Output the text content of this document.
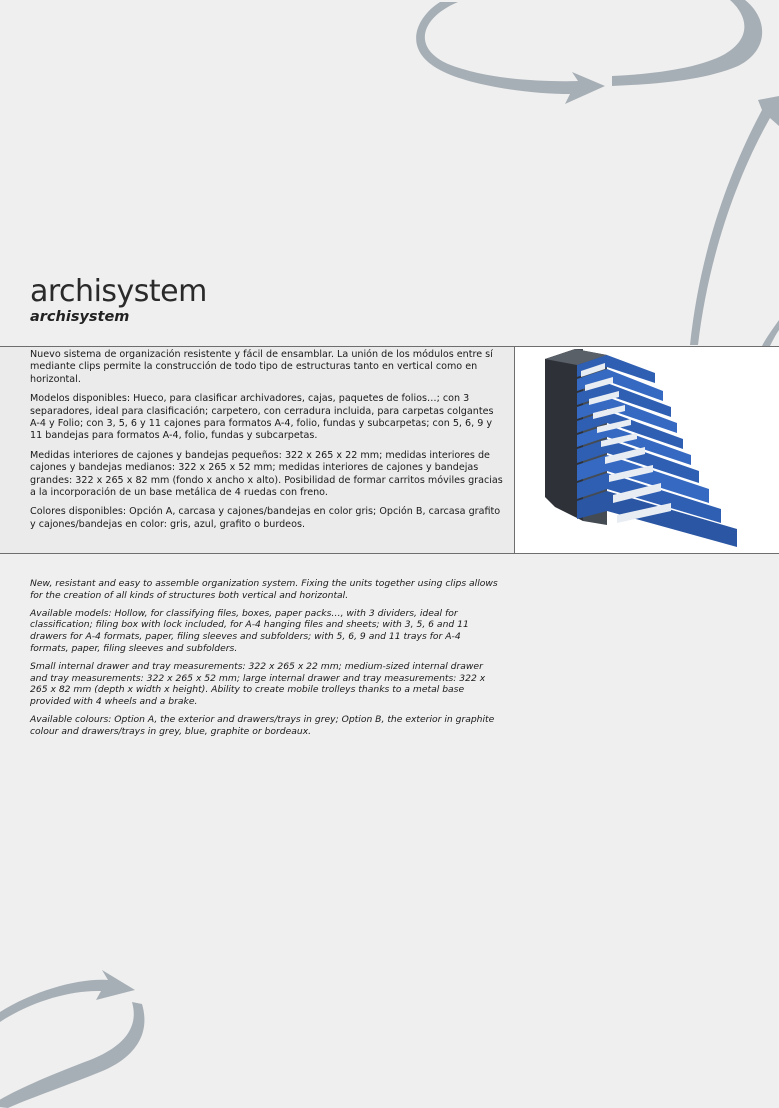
archisystem
archisystem

Nuevo sistema de organización resistente y fácil de ensamblar. La unión de los módulos entre sí mediante clips permite la construcción de todo tipo de estructuras tanto en vertical como en horizontal.

Modelos disponibles: Hueco, para clasificar archivadores, cajas, paquetes de folios…; con 3 separadores, ideal para clasificación; carpetero, con cerradura incluida, para carpetas colgantes A-4 y Folio; con 3, 5, 6 y 11 cajones para formatos A-4, folio, fundas y subcarpetas; con 5, 6, 9 y 11 bandejas para formatos A-4, folio, fundas y subcarpetas.

Medidas interiores de cajones y bandejas pequeños: 322 x 265 x 22 mm; medidas interiores de cajones y bandejas medianos: 322 x 265 x 52 mm; medidas interiores de cajones y bandejas grandes: 322 x 265 x 82 mm (fondo x ancho x alto). Posibilidad de formar carritos móviles gracias a la incorporación de un base metálica de 4 ruedas con freno.

Colores disponibles: Opción A, carcasa y cajones/bandejas en color gris; Opción B, carcasa grafito y cajones/bandejas en color: gris, azul, grafito o burdeos.

New, resistant and easy to assemble organization system. Fixing the units together using clips allows for the creation of all kinds of structures both vertical and horizontal.

Available models: Hollow, for classifying files, boxes, paper packs…, with 3 dividers, ideal for classification; filing box with lock included, for A-4 hanging files and sheets; with 3, 5, 6 and 11 drawers for A-4 formats, paper, filing sleeves and subfolders; with 5, 6, 9 and 11 trays for A-4 formats, paper, filing sleeves and subfolders.

Small internal drawer and tray measurements: 322 x 265 x 22 mm; medium-sized internal drawer and tray measurements: 322 x 265 x 52 mm; large internal drawer and tray measurements: 322 x 265 x 82 mm (depth x width x height). Ability to create mobile trolleys thanks to a metal base provided with 4 wheels and a brake.

Available colours: Option A, the exterior and drawers/trays in grey; Option B, the exterior in graphite colour and drawers/trays in grey, blue, graphite or bordeaux.
